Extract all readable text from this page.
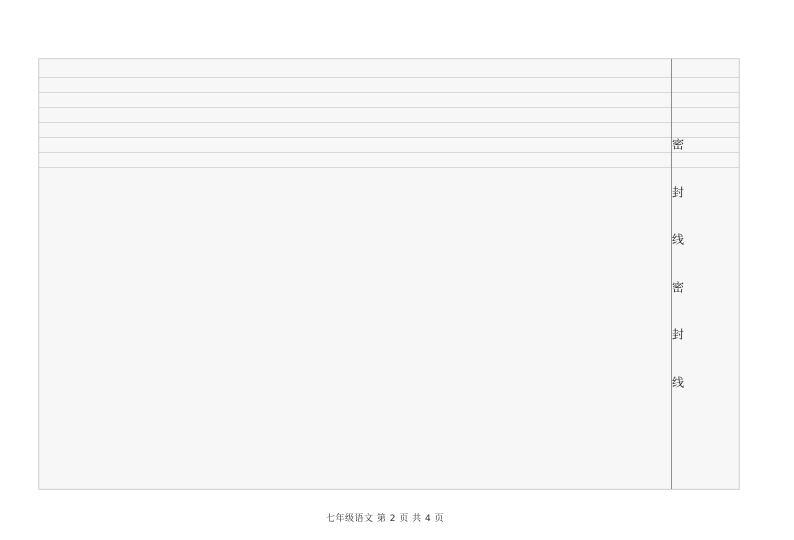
密
封
线
密
封
线
七年级语文 第 2 页 共 4 页
